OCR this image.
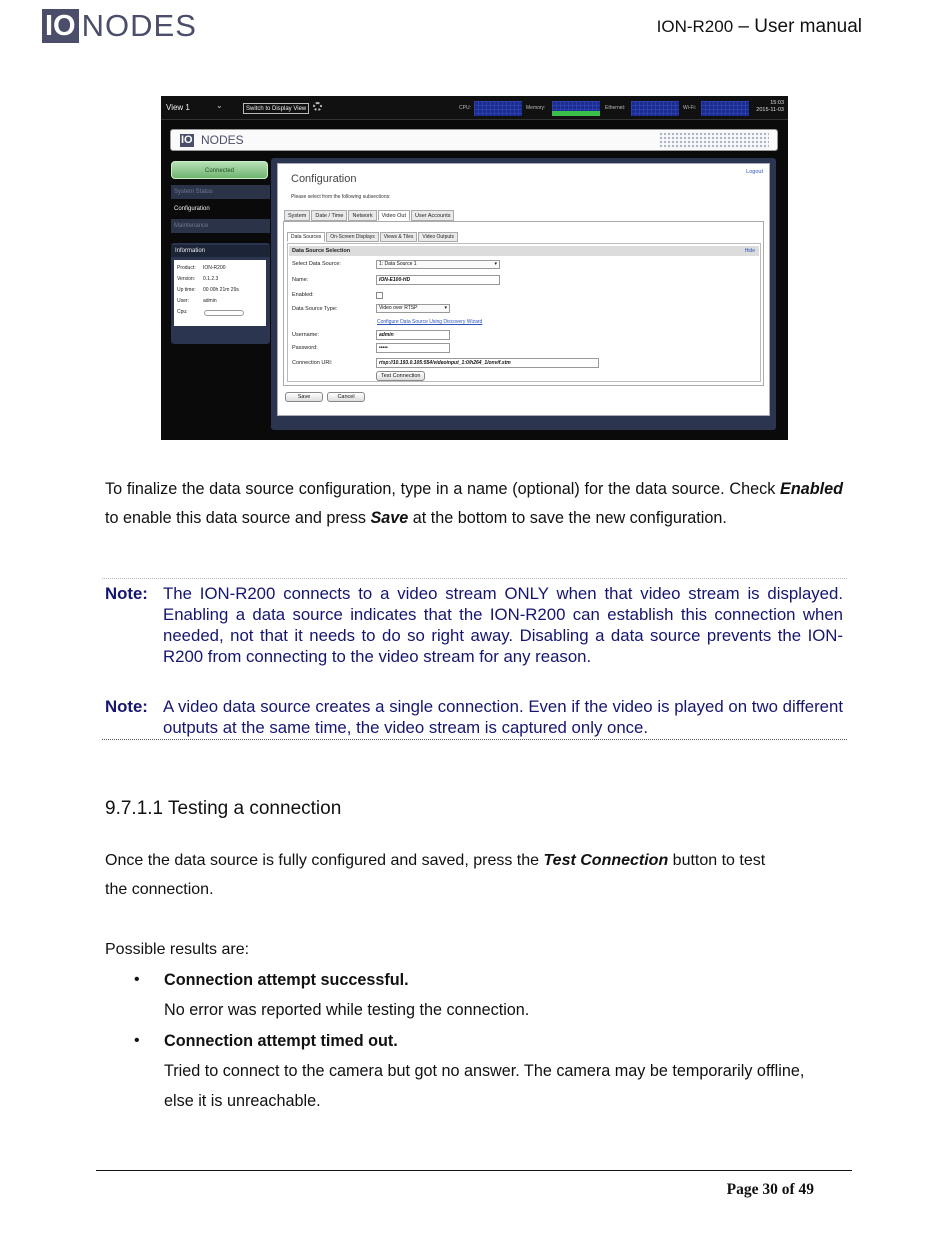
IO NODES	ION-R200 – User manual
View 1	⌄	Switch to Display View	CPU:	Memory:	Ethernet:	Wi-Fi:
15:03
2015-11-03
IO NODES
Connected
System Status
Configuration
Maintenance
Information
Product: ION-R200
Version: 0.1.2.3
Up time: 00 00h 21m 29s
User:	admin
Cpu:
Configuration
Logout
Please select from the following subsections:
System	Date / Time	Network	Video Out	User Accounts
Data Sources	On-Screen Displays	Views & Tiles	Video Outputs
Data Source Selection	Hide
Select Data Source:	1: Data Source 1	▾
Name:	ION-E100-HD
Enabled:
Data Source Type:	Video over RTSP	▾
Configure Data Source Using Discovery Wizard
Username:	admin
Password:	•••••
Connection URI:	rtsp://10.193.0.105:554/videoinput_1:0/h264_1/onvif.stm
Test Connection
Save	Cancel
To finalize the data source configuration, type in a name (optional) for the data source. Check Enabled to enable this data source and press Save at the bottom to save the new configuration.
Note: The ION-R200 connects to a video stream ONLY when that video stream is displayed. Enabling a data source indicates that the ION-R200 can establish this connection when needed, not that it needs to do so right away. Disabling a data source prevents the ION-R200 from connecting to the video stream for any reason.
Note: A video data source creates a single connection. Even if the video is played on two different outputs at the same time, the video stream is captured only once.
9.7.1.1 Testing a connection
Once the data source is fully configured and saved, press the Test Connection button to test
the connection.
Possible results are:
• Connection attempt successful.
No error was reported while testing the connection.
• Connection attempt timed out.
Tried to connect to the camera but got no answer. The camera may be temporarily offline, else it is unreachable.
Page 30 of 49
